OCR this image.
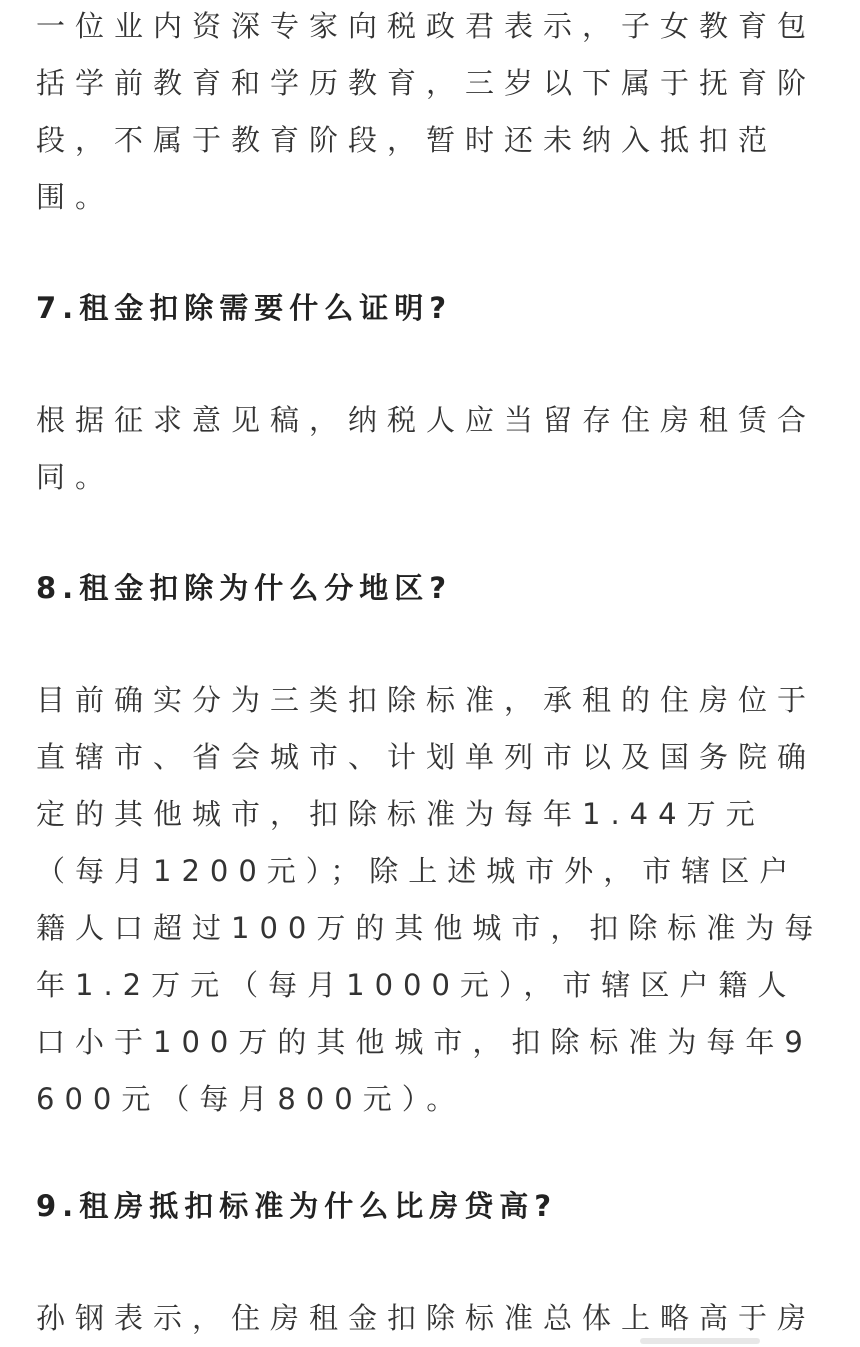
一位业内资深专家向税政君表示，子女教育包括学前教育和学历教育，三岁以下属于抚育阶段，不属于教育阶段，暂时还未纳入抵扣范围。

7.租金扣除需要什么证明?

根据征求意见稿，纳税人应当留存住房租赁合同。

8.租金扣除为什么分地区?

目前确实分为三类扣除标准，承租的住房位于直辖市、省会城市、计划单列市以及国务院确定的其他城市，扣除标准为每年1.44万元（每月1200元）；除上述城市外，市辖区户籍人口超过100万的其他城市，扣除标准为每年1.2万元（每月1000元），市辖区户籍人口小于100万的其他城市，扣除标准为每年9600元（每月800元）。

9.租房抵扣标准为什么比房贷高?

孙钢表示，住房租金扣除标准总体上略高于房
